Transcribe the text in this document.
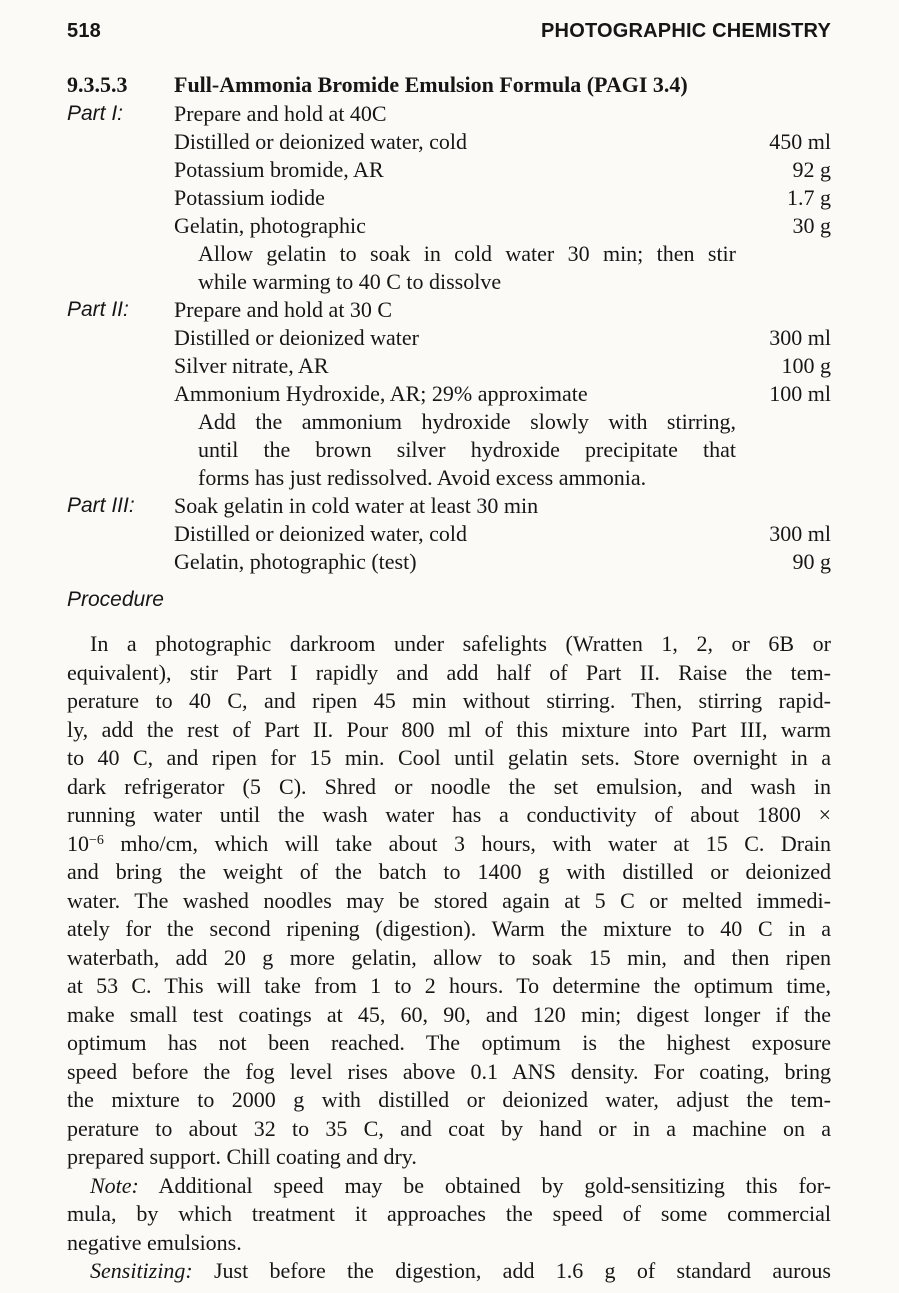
518	PHOTOGRAPHIC CHEMISTRY
9.3.5.3 Full-Ammonia Bromide Emulsion Formula (PAGI 3.4)
Part I: Prepare and hold at 40C
Distilled or deionized water, cold	450 ml
Potassium bromide, AR	92 g
Potassium iodide	1.7 g
Gelatin, photographic	30 g
Allow gelatin to soak in cold water 30 min; then stir
while warming to 40 C to dissolve
Part II: Prepare and hold at 30 C
Distilled or deionized water	300 ml
Silver nitrate, AR	100 g
Ammonium Hydroxide, AR; 29% approximate	100 ml
Add the ammonium hydroxide slowly with stirring,
until the brown silver hydroxide precipitate that
forms has just redissolved. Avoid excess ammonia.
Part III: Soak gelatin in cold water at least 30 min
Distilled or deionized water, cold	300 ml
Gelatin, photographic (test)	90 g
Procedure
In a photographic darkroom under safelights (Wratten 1, 2, or 6B or
equivalent), stir Part I rapidly and add half of Part II. Raise the tem-
perature to 40 C, and ripen 45 min without stirring. Then, stirring rapid-
ly, add the rest of Part II. Pour 800 ml of this mixture into Part III, warm
to 40 C, and ripen for 15 min. Cool until gelatin sets. Store overnight in a
dark refrigerator (5 C). Shred or noodle the set emulsion, and wash in
running water until the wash water has a conductivity of about 1800 ×
$10^{-6}$ mho/cm, which will take about 3 hours, with water at 15 C. Drain
and bring the weight of the batch to 1400 g with distilled or deionized
water. The washed noodles may be stored again at 5 C or melted immedi-
ately for the second ripening (digestion). Warm the mixture to 40 C in a
waterbath, add 20 g more gelatin, allow to soak 15 min, and then ripen
at 53 C. This will take from 1 to 2 hours. To determine the optimum time,
make small test coatings at 45, 60, 90, and 120 min; digest longer if the
optimum has not been reached. The optimum is the highest exposure
speed before the fog level rises above 0.1 ANS density. For coating, bring
the mixture to 2000 g with distilled or deionized water, adjust the tem-
perature to about 32 to 35 C, and coat by hand or in a machine on a
prepared support. Chill coating and dry.
Note: Additional speed may be obtained by gold-sensitizing this for-
mula, by which treatment it approaches the speed of some commercial
negative emulsions.
Sensitizing: Just before the digestion, add 1.6 g of standard aurous
